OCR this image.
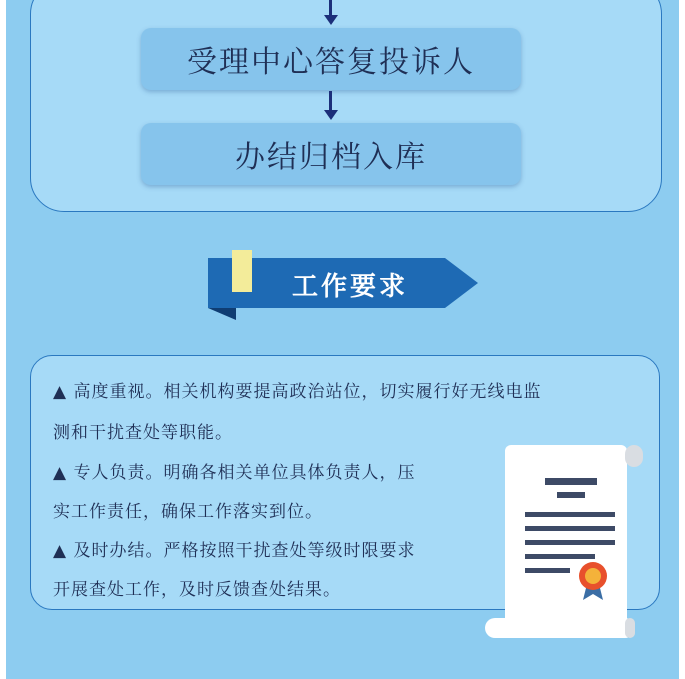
受理中心答复投诉人
办结归档入库
工作要求
▲ 高度重视。相关机构要提高政治站位，切实履行好无线电监
测和干扰查处等职能。
▲ 专人负责。明确各相关单位具体负责人，压
实工作责任，确保工作落实到位。
▲ 及时办结。严格按照干扰查处等级时限要求
开展查处工作，及时反馈查处结果。
